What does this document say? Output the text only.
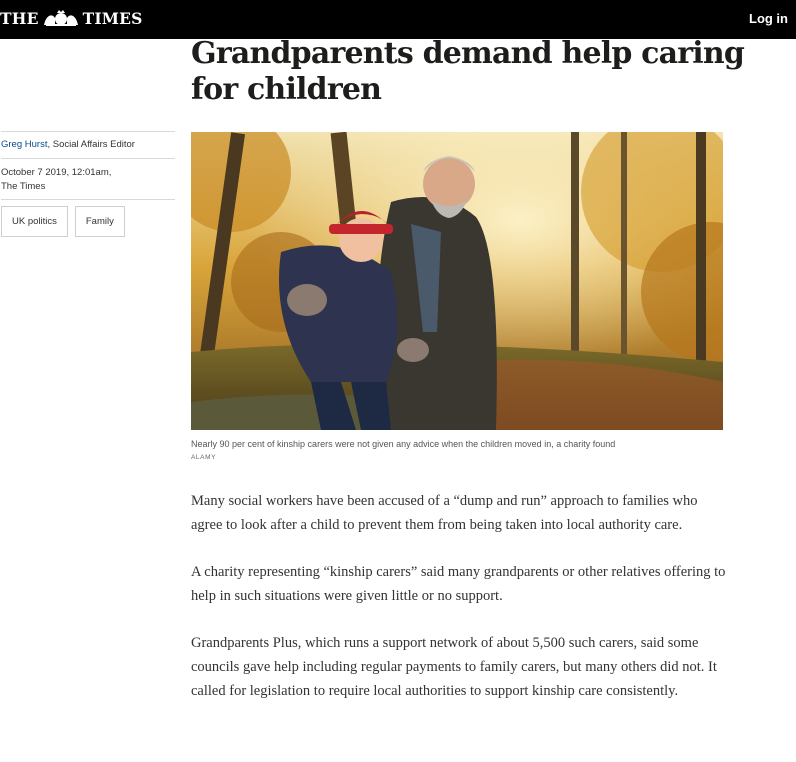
THE	TIMES	Log in
Grandparents demand help caring for children
Greg Hurst, Social Affairs Editor
October 7 2019, 12:01am,
The Times
UK politics	Family
Nearly 90 per cent of kinship carers were not given any advice when the children moved in, a charity found
ALAMY

Many social workers have been accused of a “dump and run” approach to families who agree to look after a child to prevent them from being taken into local authority care.

A charity representing “kinship carers” said many grandparents or other relatives offering to help in such situations were given little or no support.

Grandparents Plus, which runs a support network of about 5,500 such carers, said some councils gave help including regular payments to family carers, but many others did not. It called for legislation to require local authorities to support kinship care consistently.
